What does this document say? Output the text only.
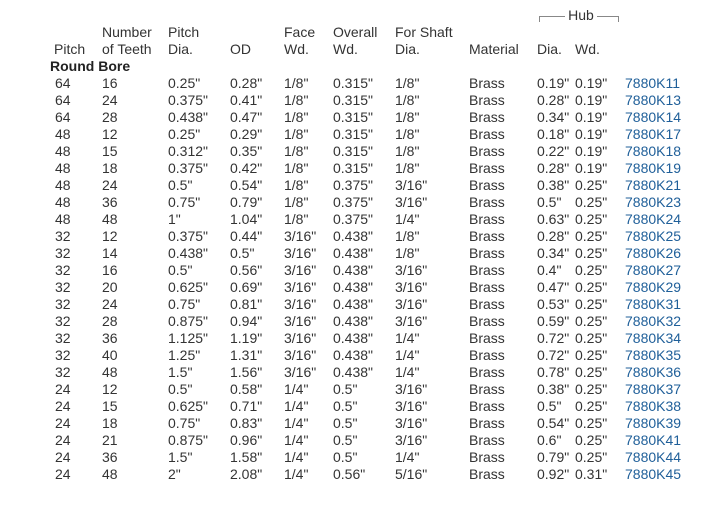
Hub		
	Number	Pitch		Face	Overall	For Shaft				
Pitch	of Teeth	Dia.	OD	Wd.	Wd.	Dia.	Material	Dia.	Wd.	
Round Bore										
64	16	0.25"	0.28"	1/8"	0.315"	1/8"	Brass	0.19"	0.19"	7880K11
64	24	0.375"	0.41"	1/8"	0.315"	1/8"	Brass	0.28"	0.19"	7880K13
64	28	0.438"	0.47"	1/8"	0.315"	1/8"	Brass	0.34"	0.19"	7880K14
48	12	0.25"	0.29"	1/8"	0.315"	1/8"	Brass	0.18"	0.19"	7880K17
48	15	0.312"	0.35"	1/8"	0.315"	1/8"	Brass	0.22"	0.19"	7880K18
48	18	0.375"	0.42"	1/8"	0.315"	1/8"	Brass	0.28"	0.19"	7880K19
48	24	0.5"	0.54"	1/8"	0.375"	3/16"	Brass	0.38"	0.25"	7880K21
48	36	0.75"	0.79"	1/8"	0.375"	3/16"	Brass	0.5"	0.25"	7880K23
48	48	1"	1.04"	1/8"	0.375"	1/4"	Brass	0.63"	0.25"	7880K24
32	12	0.375"	0.44"	3/16"	0.438"	1/8"	Brass	0.28"	0.25"	7880K25
32	14	0.438"	0.5"	3/16"	0.438"	1/8"	Brass	0.34"	0.25"	7880K26
32	16	0.5"	0.56"	3/16"	0.438"	3/16"	Brass	0.4"	0.25"	7880K27
32	20	0.625"	0.69"	3/16"	0.438"	3/16"	Brass	0.47"	0.25"	7880K29
32	24	0.75"	0.81"	3/16"	0.438"	3/16"	Brass	0.53"	0.25"	7880K31
32	28	0.875"	0.94"	3/16"	0.438"	3/16"	Brass	0.59"	0.25"	7880K32
32	36	1.125"	1.19"	3/16"	0.438"	1/4"	Brass	0.72"	0.25"	7880K34
32	40	1.25"	1.31"	3/16"	0.438"	1/4"	Brass	0.72"	0.25"	7880K35
32	48	1.5"	1.56"	3/16"	0.438"	1/4"	Brass	0.78"	0.25"	7880K36
24	12	0.5"	0.58"	1/4"	0.5"	3/16"	Brass	0.38"	0.25"	7880K37
24	15	0.625"	0.71"	1/4"	0.5"	3/16"	Brass	0.5"	0.25"	7880K38
24	18	0.75"	0.83"	1/4"	0.5"	3/16"	Brass	0.54"	0.25"	7880K39
24	21	0.875"	0.96"	1/4"	0.5"	3/16"	Brass	0.6"	0.25"	7880K41
24	36	1.5"	1.58"	1/4"	0.5"	1/4"	Brass	0.79"	0.25"	7880K44
24	48	2"	2.08"	1/4"	0.56"	5/16"	Brass	0.92"	0.31"	7880K45
